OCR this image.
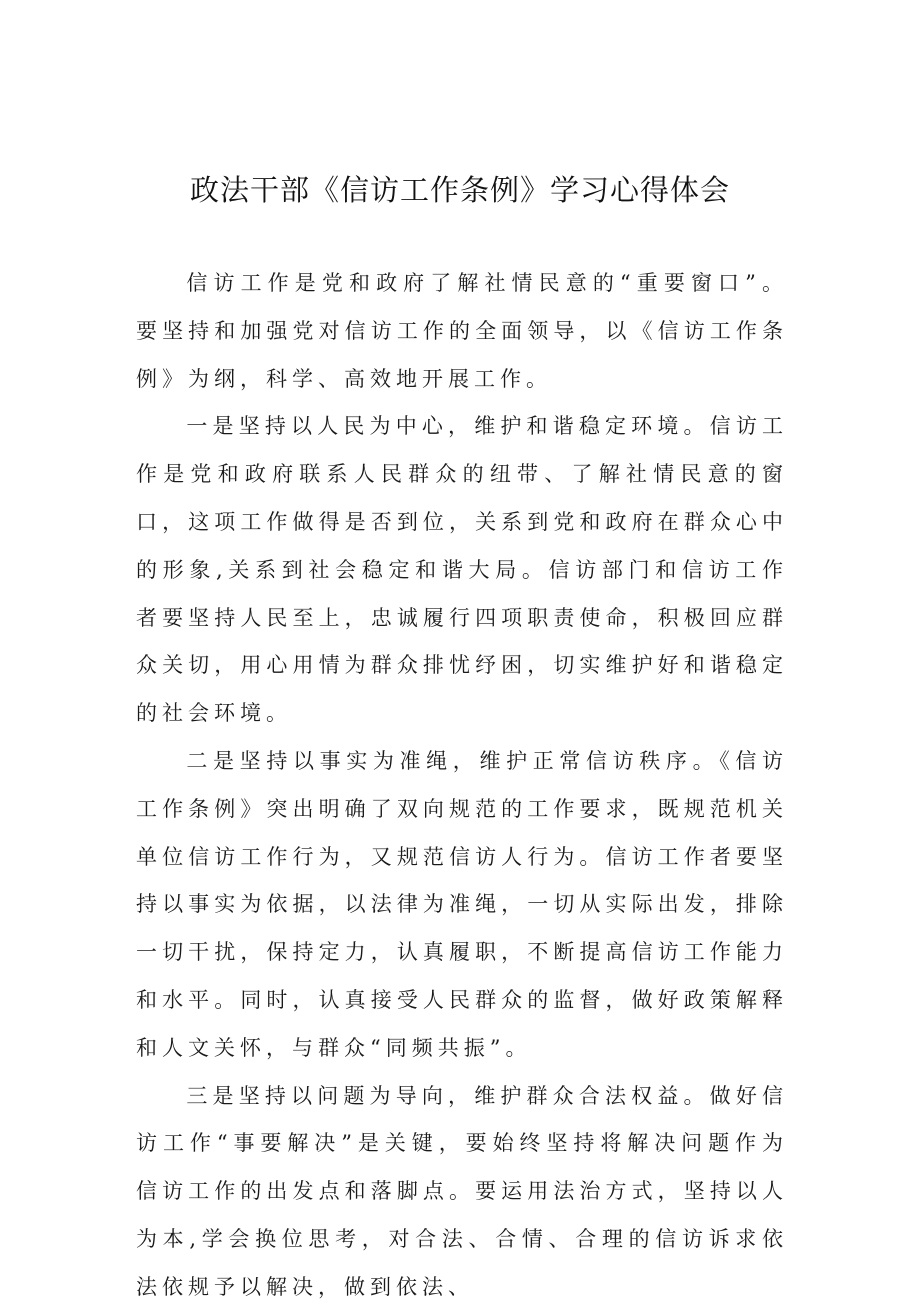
政法干部《信访工作条例》学习心得体会

信访工作是党和政府了解社情民意的“重要窗口”。要坚持和加强党对信访工作的全面领导，以《信访工作条例》为纲，科学、高效地开展工作。

一是坚持以人民为中心，维护和谐稳定环境。信访工作是党和政府联系人民群众的纽带、了解社情民意的窗口，这项工作做得是否到位，关系到党和政府在群众心中的形象,关系到社会稳定和谐大局。信访部门和信访工作者要坚持人民至上，忠诚履行四项职责使命，积极回应群众关切，用心用情为群众排忧纾困，切实维护好和谐稳定的社会环境。

二是坚持以事实为准绳，维护正常信访秩序。《信访工作条例》突出明确了双向规范的工作要求，既规范机关单位信访工作行为，又规范信访人行为。信访工作者要坚持以事实为依据，以法律为准绳，一切从实际出发，排除一切干扰，保持定力，认真履职，不断提高信访工作能力和水平。同时，认真接受人民群众的监督，做好政策解释和人文关怀，与群众“同频共振”。

三是坚持以问题为导向，维护群众合法权益。做好信访工作“事要解决”是关键，要始终坚持将解决问题作为信访工作的出发点和落脚点。要运用法治方式，坚持以人为本,学会换位思考，对合法、合情、合理的信访诉求依法依规予以解决，做到依法、
